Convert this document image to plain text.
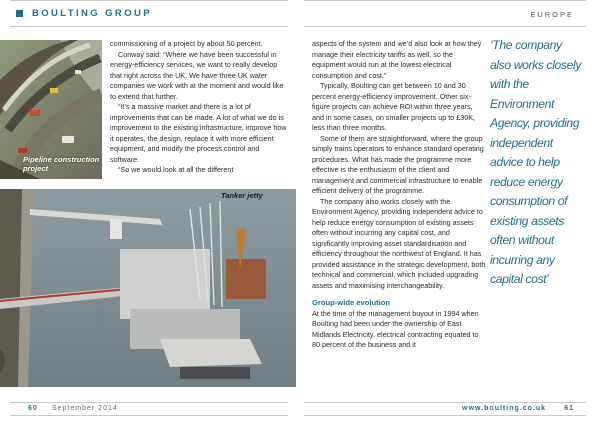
BOULTING GROUP	EUROPE
Pipeline construction project
Tanker jetty

commissioning of a project by about 50 percent.

Conway said: “Where we have been successful in energy-efficiency services, we want to really develop that right across the UK. We have three UK water companies we work with at the moment and would like to extend that further.

“It’s a massive market and there is a lot of improvements that can be made. A lot of what we do is improvement to the existing infrastructure, improve how it operates, the design, replace it with more efficient equipment, and modify the process control and software.

“So we would look at all the different

aspects of the system and we’d also look at how they manage their electricity tariffs as well, so the equipment would run at the lowest electrical consumption and cost.”

Typically, Boulting can get between 10 and 30 percent energy-efficiency improvement. Other six-figure projects can achieve ROI within three years, and in some cases, on smaller projects up to £30K, less than three months.

Some of them are straightforward, where the group simply trains operators to enhance standard operating procedures. What has made the programme more effective is the enthusiasm of the client and management and commercial infrastructure to enable efficient delivery of the programme.

The company also works closely with the Environment Agency, providing independent advice to help reduce energy consumption of existing assets often without incurring any capital cost, and significantly improving asset standardisation and efficiency throughout the northwest of England. It has provided assistance in the strategic development, both technical and commercial, which included upgrading assets and maximising interchangeability.

Group-wide evolution

At the time of the management buyout in 1994 when Boulting had been under the ownership of East Midlands Electricity, electrical contracting equated to 80 percent of the business and it

‘The company also works closely with the Environment Agency, providing independent advice to help reduce energy consumption of existing assets often without incurring any capital cost’
60 September 2014	www.boulting.co.uk	61
